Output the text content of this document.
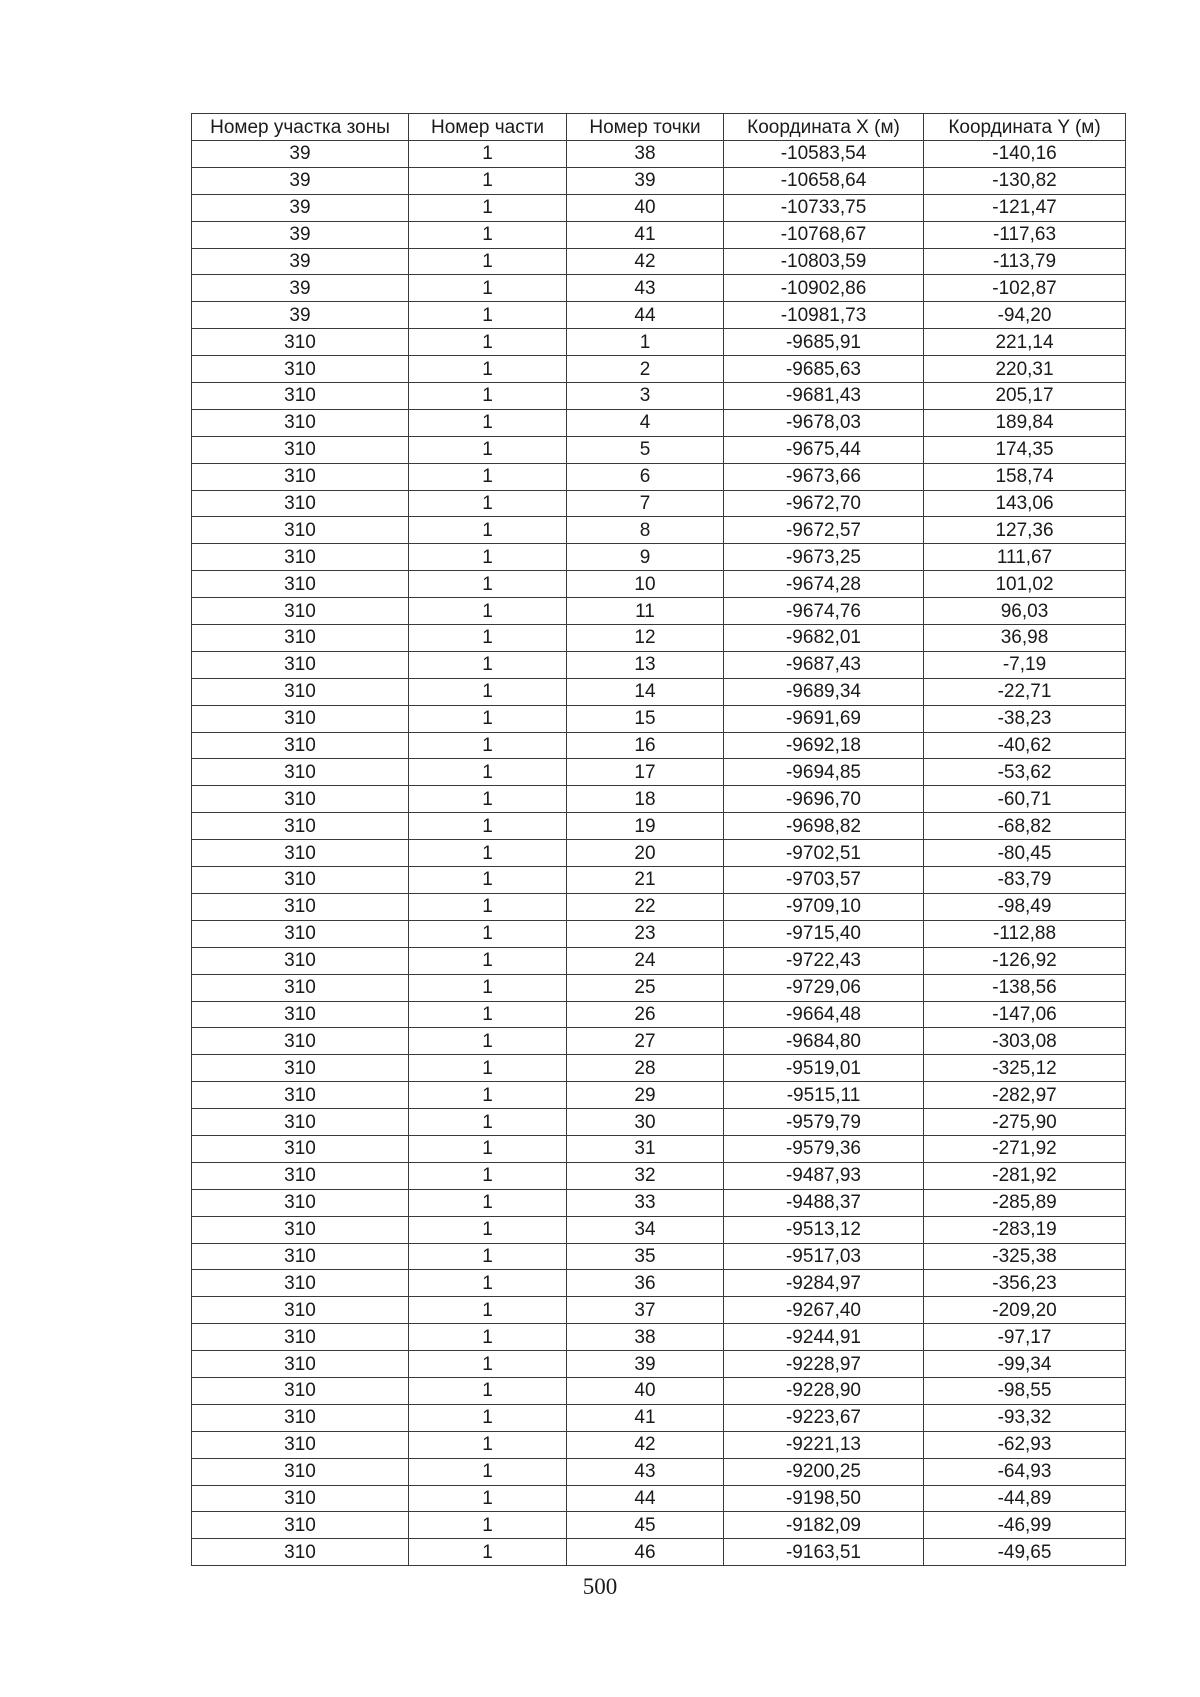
Номер участка зоны	Номер части	Номер точки	Координата X (м)	Координата Y (м)
39	1	38	-10583,54	-140,16
39	1	39	-10658,64	-130,82
39	1	40	-10733,75	-121,47
39	1	41	-10768,67	-117,63
39	1	42	-10803,59	-113,79
39	1	43	-10902,86	-102,87
39	1	44	-10981,73	-94,20
310	1	1	-9685,91	221,14
310	1	2	-9685,63	220,31
310	1	3	-9681,43	205,17
310	1	4	-9678,03	189,84
310	1	5	-9675,44	174,35
310	1	6	-9673,66	158,74
310	1	7	-9672,70	143,06
310	1	8	-9672,57	127,36
310	1	9	-9673,25	111,67
310	1	10	-9674,28	101,02
310	1	11	-9674,76	96,03
310	1	12	-9682,01	36,98
310	1	13	-9687,43	-7,19
310	1	14	-9689,34	-22,71
310	1	15	-9691,69	-38,23
310	1	16	-9692,18	-40,62
310	1	17	-9694,85	-53,62
310	1	18	-9696,70	-60,71
310	1	19	-9698,82	-68,82
310	1	20	-9702,51	-80,45
310	1	21	-9703,57	-83,79
310	1	22	-9709,10	-98,49
310	1	23	-9715,40	-112,88
310	1	24	-9722,43	-126,92
310	1	25	-9729,06	-138,56
310	1	26	-9664,48	-147,06
310	1	27	-9684,80	-303,08
310	1	28	-9519,01	-325,12
310	1	29	-9515,11	-282,97
310	1	30	-9579,79	-275,90
310	1	31	-9579,36	-271,92
310	1	32	-9487,93	-281,92
310	1	33	-9488,37	-285,89
310	1	34	-9513,12	-283,19
310	1	35	-9517,03	-325,38
310	1	36	-9284,97	-356,23
310	1	37	-9267,40	-209,20
310	1	38	-9244,91	-97,17
310	1	39	-9228,97	-99,34
310	1	40	-9228,90	-98,55
310	1	41	-9223,67	-93,32
310	1	42	-9221,13	-62,93
310	1	43	-9200,25	-64,93
310	1	44	-9198,50	-44,89
310	1	45	-9182,09	-46,99
310	1	46	-9163,51	-49,65
500
